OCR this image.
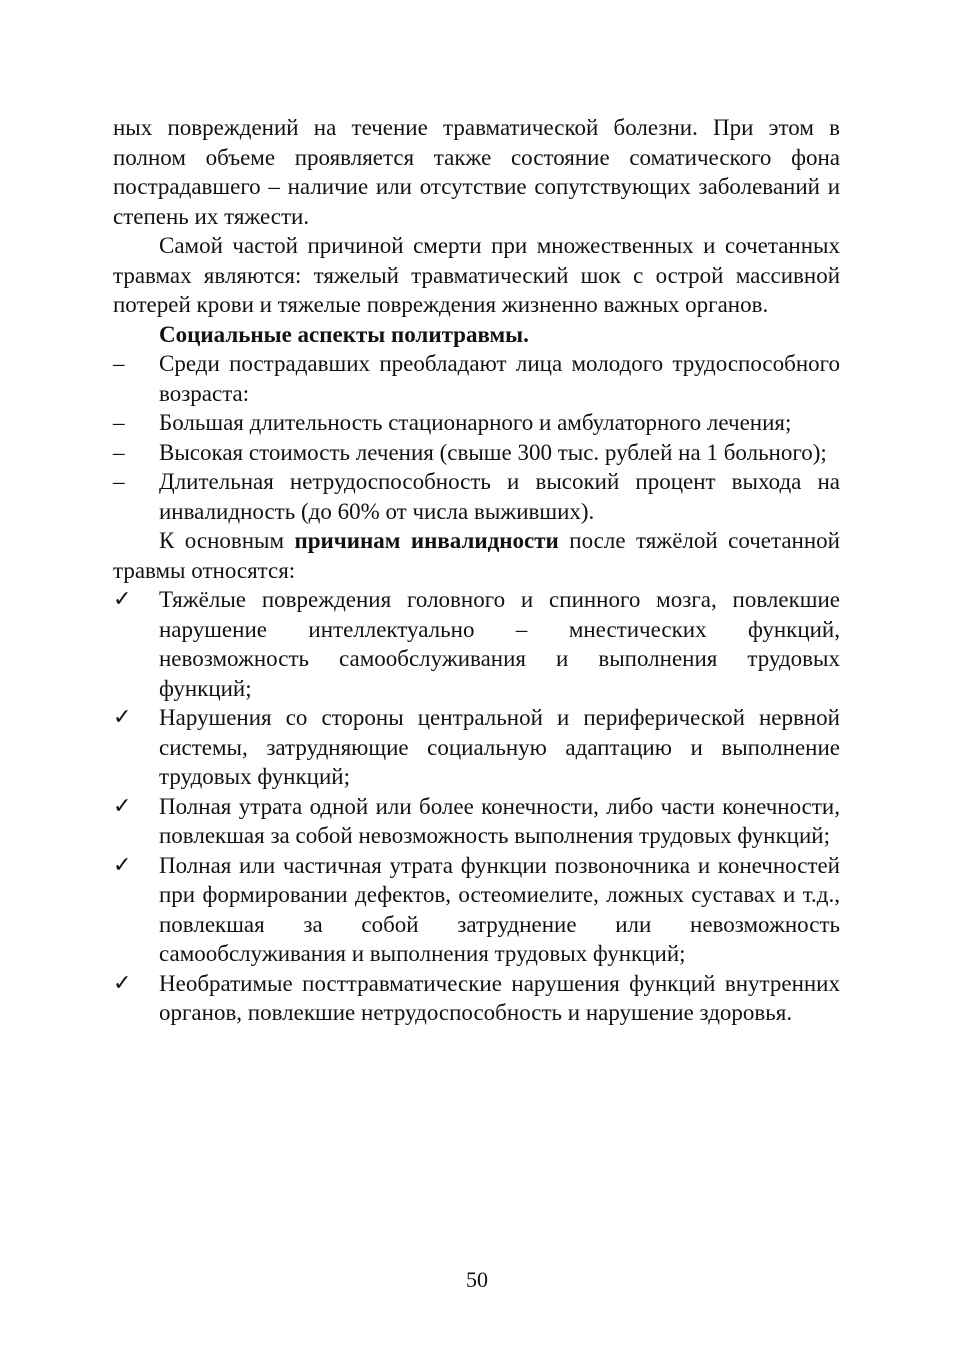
ных повреждений на течение травматической болезни. При этом в полном объеме проявляется также состояние соматического фона пострадавшего – наличие или отсутствие сопутствующих заболеваний и степень их тяжести.

Самой частой причиной смерти при множественных и сочетанных травмах являются: тяжелый травматический шок с острой массивной потерей крови и тяжелые повреждения жизненно важных органов.

Социальные аспекты политравмы.

–	Среди пострадавших преобладают лица молодого трудоспособного возраста:
–	Большая длительность стационарного и амбулаторного лечения;
–	Высокая стоимость лечения (свыше 300 тыс. рублей на 1 больного);
–	Длительная нетрудоспособность и высокий процент выхода на инвалидность (до 60% от числа выживших).

К основным причинам инвалидности после тяжёлой сочетанной травмы относятся:

✓	Тяжёлые повреждения головного и спинного мозга, повлекшие нарушение интеллектуально – мнестических функций, невозможность самообслуживания и выполнения трудовых функций;
✓	Нарушения со стороны центральной и периферической нервной системы, затрудняющие социальную адаптацию и выполнение трудовых функций;
✓	Полная утрата одной или более конечности, либо части конечности, повлекшая за собой невозможность выполнения трудовых функций;
✓	Полная или частичная утрата функции позвоночника и конечностей при формировании дефектов, остеомиелите, ложных суставах и т.д., повлекшая за собой затруднение или невозможность самообслуживания и выполнения трудовых функций;
✓	Необратимые посттравматические нарушения функций внутренних органов, повлекшие нетрудоспособность и нарушение здоровья.
50
